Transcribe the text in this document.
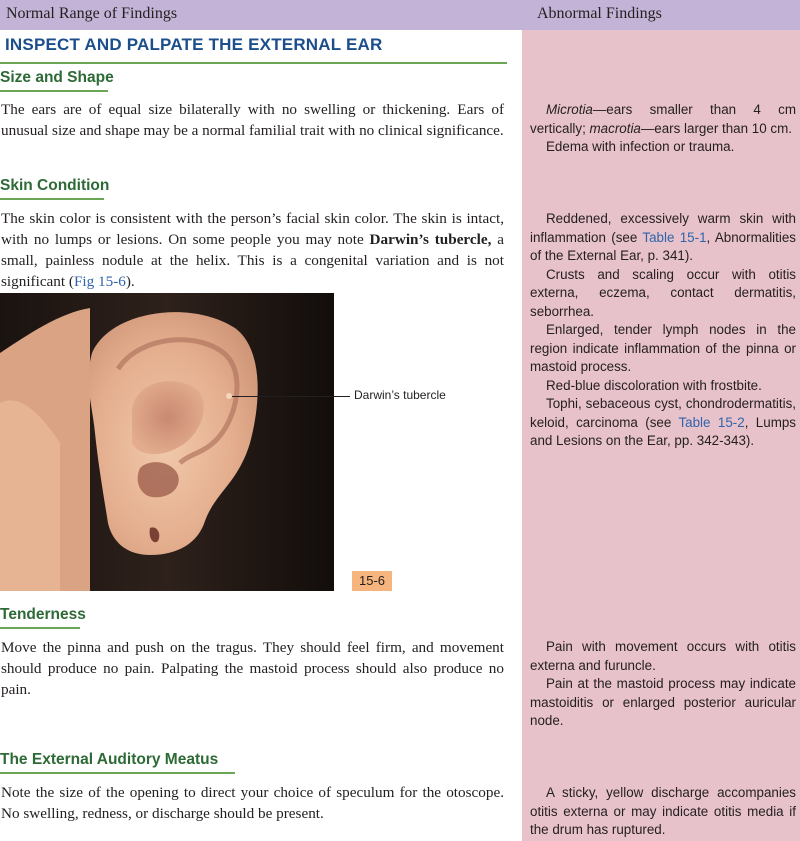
Normal Range of Findings	Abnormal Findings
INSPECT AND PALPATE THE EXTERNAL EAR
Size and Shape
The ears are of equal size bilaterally with no swelling or thickening. Ears of unusual size and shape may be a normal familial trait with no clinical significance.
Skin Condition
The skin color is consistent with the person’s facial skin color. The skin is intact, with no lumps or lesions. On some people you may note Darwin’s tubercle, a small, painless nodule at the helix. This is a congenital variation and is not significant (Fig 15-6).
Darwin’s tubercle
15-6
Tenderness
Move the pinna and push on the tragus. They should feel firm, and movement should produce no pain. Palpating the mastoid process should also produce no pain.
The External Auditory Meatus
Note the size of the opening to direct your choice of speculum for the otoscope. No swelling, redness, or discharge should be present.

Microtia—ears smaller than 4 cm vertically; macrotia—ears larger than 10 cm.

Edema with infection or trauma.

Reddened, excessively warm skin with inflammation (see Table 15-1, Abnormalities of the External Ear, p. 341).

Crusts and scaling occur with otitis externa, eczema, contact dermatitis, seborrhea.

Enlarged, tender lymph nodes in the region indicate inflammation of the pinna or mastoid process.

Red-blue discoloration with frostbite.

Tophi, sebaceous cyst, chondrodermatitis, keloid, carcinoma (see Table 15-2, Lumps and Lesions on the Ear, pp. 342-343).

Pain with movement occurs with otitis externa and furuncle.

Pain at the mastoid process may indicate mastoiditis or enlarged posterior auricular node.

A sticky, yellow discharge accompanies otitis externa or may indicate otitis media if the drum has ruptured.
